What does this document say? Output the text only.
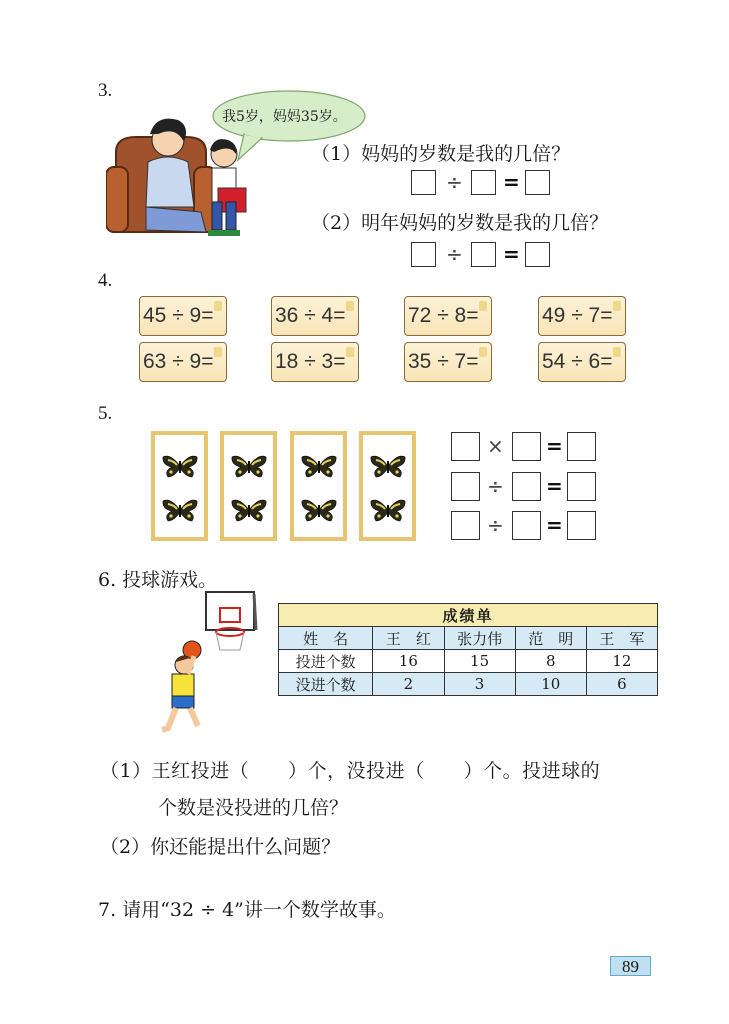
3.
我5岁，妈妈35岁。
（1）妈妈的岁数是我的几倍？
÷ =
（2）明年妈妈的岁数是我的几倍？
÷ =
4.
45 ÷ 9=	36 ÷ 4=	72 ÷ 8=	49 ÷ 7=
63 ÷ 9=	18 ÷ 3=	35 ÷ 7=	54 ÷ 6=
5.
× =
÷ =
÷ =
6. 投球游戏。
成绩单				
姓　名	王　红	张力伟	范　明	王　军
投进个数	16	15	8	12
没进个数	2	3	10	6
（1）王红投进（　　）个，没投进（　　）个。投进球的
个数是没投进的几倍？
（2）你还能提出什么问题？
7. 请用“32 ÷ 4”讲一个数学故事。
89
